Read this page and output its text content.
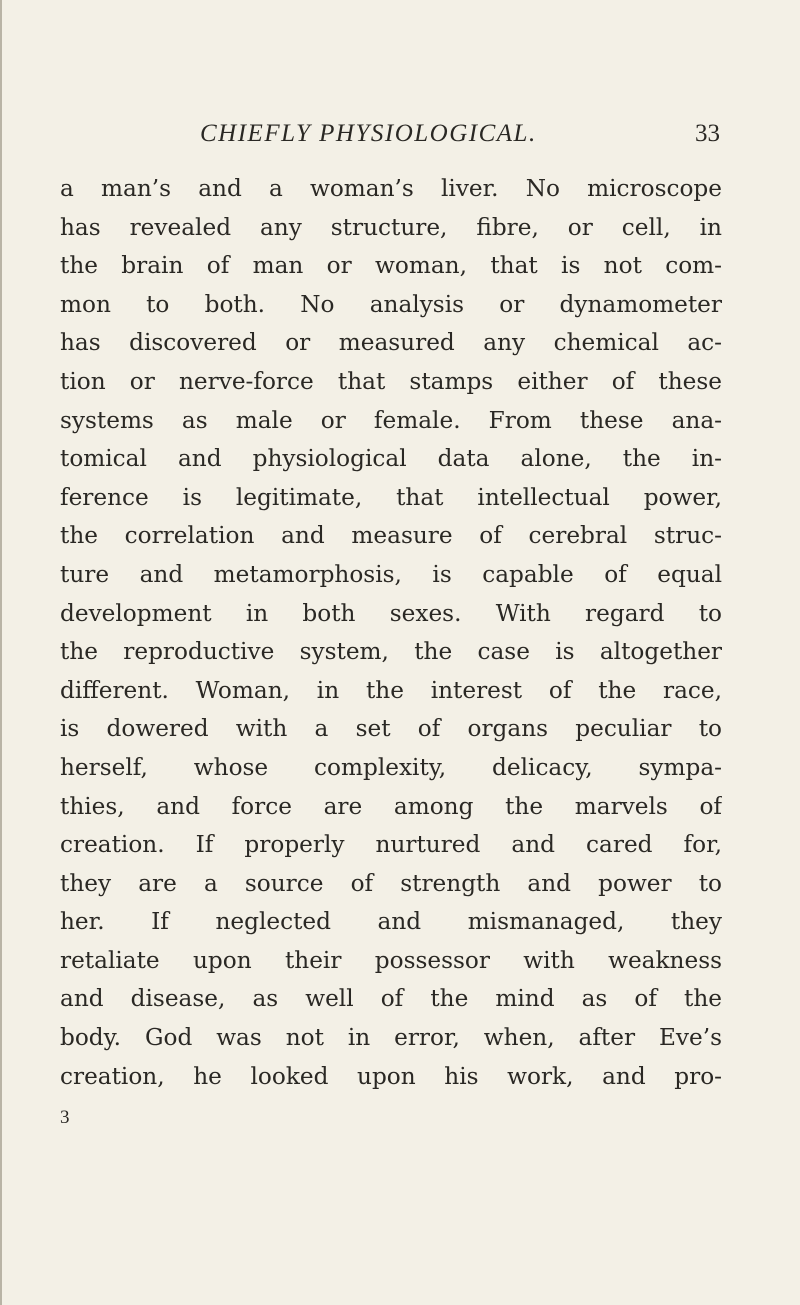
CHIEFLY PHYSIOLOGICAL.	33
a man’s and a woman’s liver. No microscope
has revealed any structure, fibre, or cell, in
the brain of man or woman, that is not com-
mon to both. No analysis or dynamometer
has discovered or measured any chemical ac-
tion or nerve-force that stamps either of these
systems as male or female. From these ana-
tomical and physiological data alone, the in-
ference is legitimate, that intellectual power,
the correlation and measure of cerebral struc-
ture and metamorphosis, is capable of equal
development in both sexes. With regard to
the reproductive system, the case is altogether
different. Woman, in the interest of the race,
is dowered with a set of organs peculiar to
herself, whose complexity, delicacy, sympa-
thies, and force are among the marvels of
creation. If properly nurtured and cared for,
they are a source of strength and power to
her. If neglected and mismanaged, they
retaliate upon their possessor with weakness
and disease, as well of the mind as of the
body. God was not in error, when, after Eve’s
creation, he looked upon his work, and pro-
3
